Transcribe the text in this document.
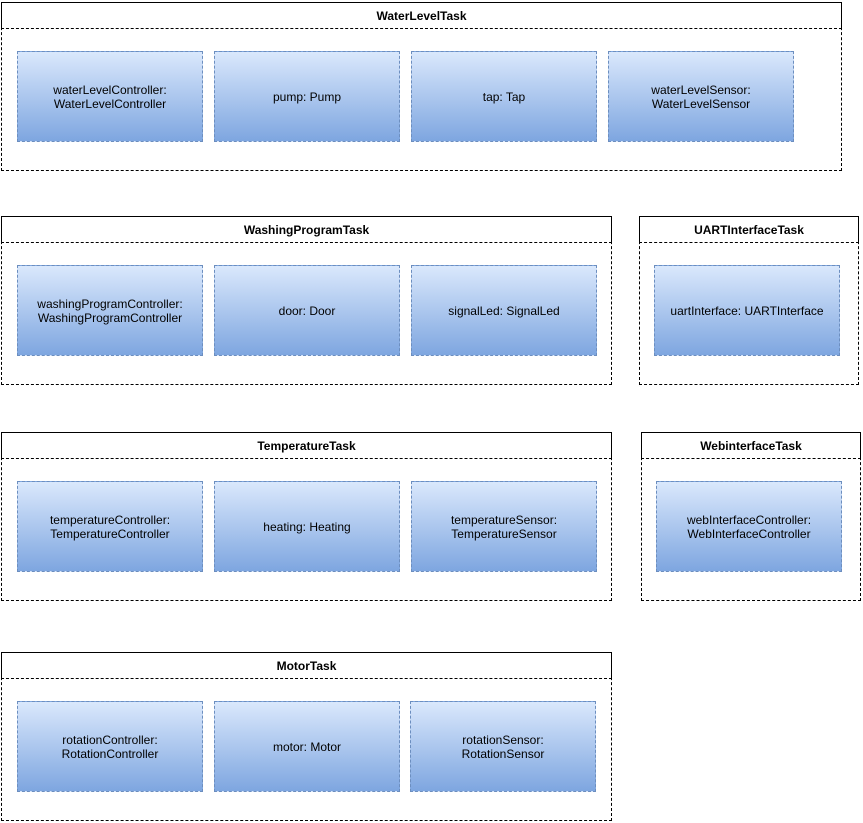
WaterLevelTask
waterLevelController:
WaterLevelController	pump: Pump	tap: Tap	waterLevelSensor:
WaterLevelSensor
WashingProgramTask
washingProgramController:
WashingProgramController	door: Door	signalLed: SignalLed
UARTInterfaceTask
uartInterface: UARTInterface
TemperatureTask
temperatureController:
TemperatureController	heating: Heating	temperatureSensor:
TemperatureSensor
WebinterfaceTask
webInterfaceController:
WebInterfaceController
MotorTask
rotationController:
RotationController	motor: Motor	rotationSensor:
RotationSensor
